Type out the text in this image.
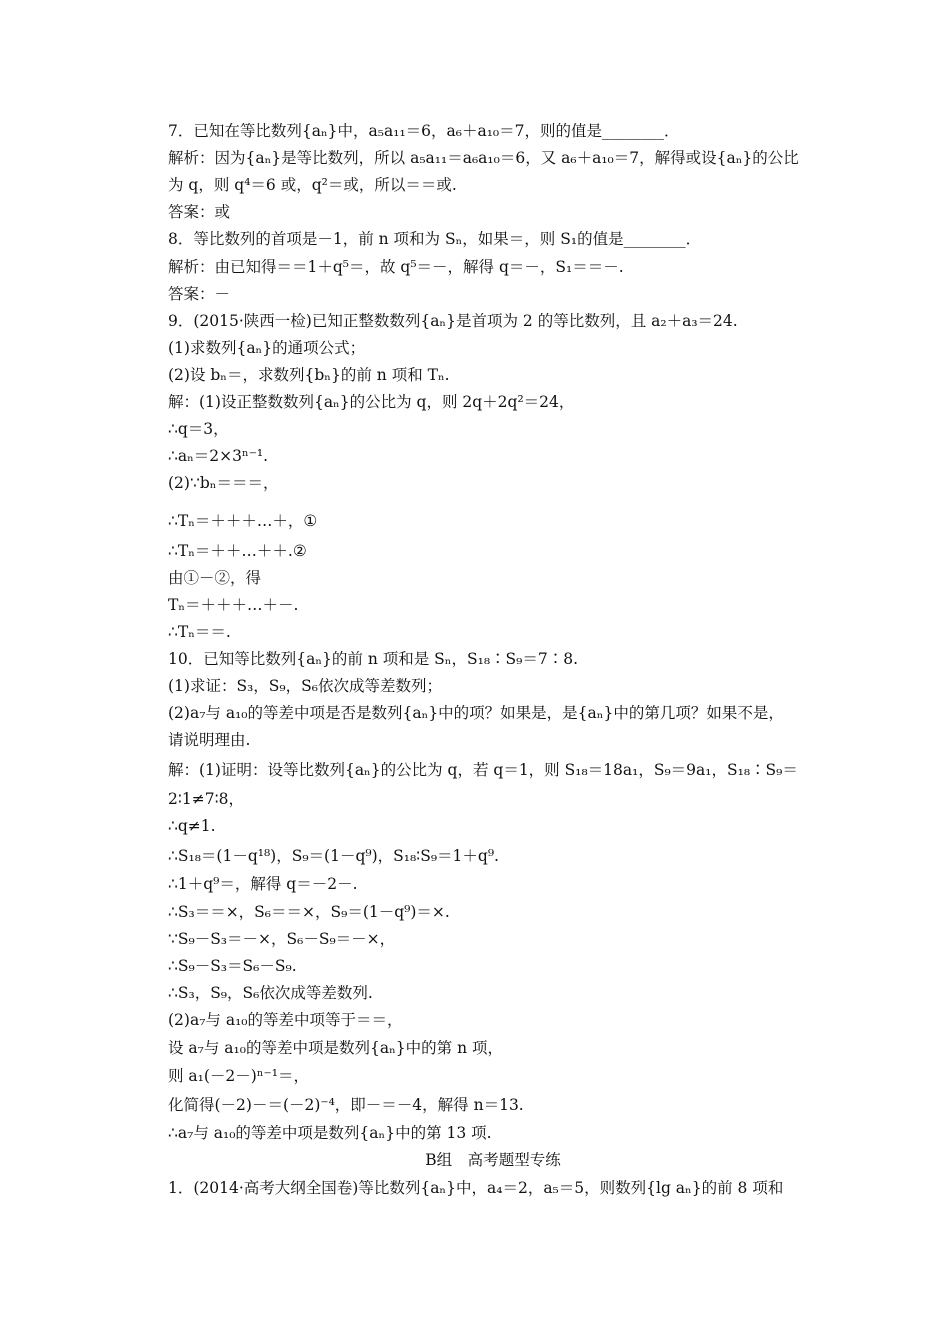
7．已知在等比数列{aₙ}中，a₅a₁₁＝6，a₆＋a₁₀＝7，则的值是________．
解析：因为{aₙ}是等比数列，所以 a₅a₁₁＝a₆a₁₀＝6，又 a₆＋a₁₀＝7，解得或设{aₙ}的公比
为 q，则 q⁴＝6 或，q²＝或，所以＝＝或.
答案：或
8．等比数列的首项是－1，前 n 项和为 Sₙ，如果＝，则 S₁的值是________．
解析：由已知得＝＝1＋q⁵＝，故 q⁵＝－，解得 q＝－，S₁＝＝－.
答案：－
9．(2015·陕西一检)已知正整数数列{aₙ}是首项为 2 的等比数列，且 a₂＋a₃＝24.
(1)求数列{aₙ}的通项公式；
(2)设 bₙ＝，求数列{bₙ}的前 n 项和 Tₙ.
解：(1)设正整数数列{aₙ}的公比为 q，则 2q＋2q²＝24，
∴q＝3，
∴aₙ＝2×3ⁿ⁻¹.
(2)∵bₙ＝＝＝，
∴Tₙ＝＋＋＋…＋，①
∴Tₙ＝＋＋…＋＋.②
由①－②，得
Tₙ＝＋＋＋…＋－.
∴Tₙ＝＝.
10．已知等比数列{aₙ}的前 n 项和是 Sₙ，S₁₈∶S₉＝7∶8.
(1)求证：S₃，S₉，S₆依次成等差数列；
(2)a₇与 a₁₀的等差中项是否是数列{aₙ}中的项？如果是，是{aₙ}中的第几项？如果不是，
请说明理由.
解：(1)证明：设等比数列{aₙ}的公比为 q，若 q＝1，则 S₁₈＝18a₁，S₉＝9a₁，S₁₈∶S₉＝
2∶1≠7∶8，
∴q≠1.
∴S₁₈＝(1－q¹⁸)，S₉＝(1－q⁹)，S₁₈∶S₉＝1＋q⁹.
∴1＋q⁹＝，解得 q＝－2－.
∴S₃＝＝×，S₆＝＝×，S₉＝(1－q⁹)＝×.
∵S₉－S₃＝－×，S₆－S₉＝－×，
∴S₉－S₃＝S₆－S₉.
∴S₃，S₉，S₆依次成等差数列.
(2)a₇与 a₁₀的等差中项等于＝＝，
设 a₇与 a₁₀的等差中项是数列{aₙ}中的第 n 项，
则 a₁(－2－)ⁿ⁻¹＝，
化简得(－2)－＝(－2)⁻⁴，即－＝－4，解得 n＝13.
∴a₇与 a₁₀的等差中项是数列{aₙ}中的第 13 项.
B组　高考题型专练
1．(2014·高考大纲全国卷)等比数列{aₙ}中，a₄＝2，a₅＝5，则数列{lg aₙ}的前 8 项和
